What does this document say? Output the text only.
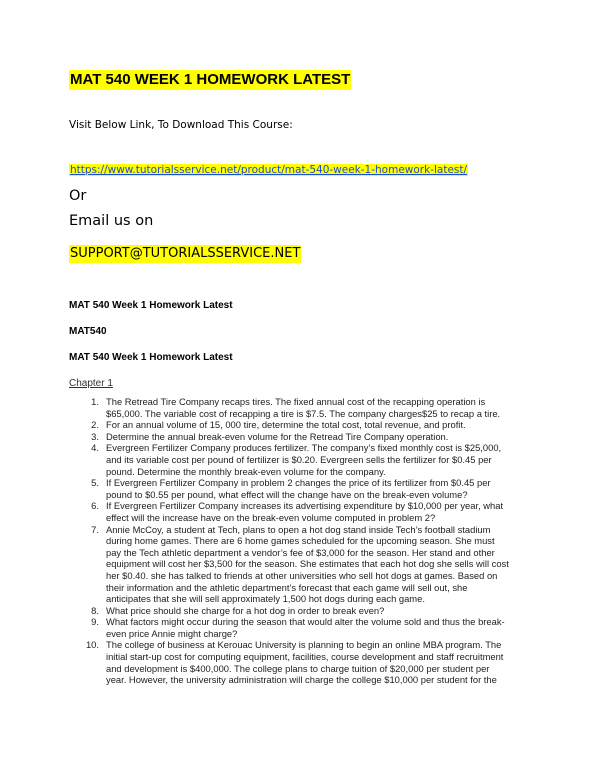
MAT 540 WEEK 1 HOMEWORK LATEST
Visit Below Link, To Download This Course:
https://www.tutorialsservice.net/product/mat-540-week-1-homework-latest/
Or
Email us on
SUPPORT@TUTORIALSSERVICE.NET
MAT 540 Week 1 Homework Latest
MAT540
MAT 540 Week 1 Homework Latest
Chapter 1
1. The Retread Tire Company recaps tires. The fixed annual cost of the recapping operation is
$65,000. The variable cost of recapping a tire is $7.5. The company charges$25 to recap a tire.
2. For an annual volume of 15, 000 tire, determine the total cost, total revenue, and profit.
3. Determine the annual break-even volume for the Retread Tire Company operation.
4. Evergreen Fertilizer Company produces fertilizer. The company’s fixed monthly cost is $25,000,
and its variable cost per pound of fertilizer is $0.20. Evergreen sells the fertilizer for $0.45 per
pound. Determine the monthly break-even volume for the company.
5. If Evergreen Fertilizer Company in problem 2 changes the price of its fertilizer from $0.45 per
pound to $0.55 per pound, what effect will the change have on the break-even volume?
6. If Evergreen Fertilizer Company increases its advertising expenditure by $10,000 per year, what
effect will the increase have on the break-even volume computed in problem 2?
7. Annie McCoy, a student at Tech, plans to open a hot dog stand inside Tech’s football stadium
during home games. There are 6 home games scheduled for the upcoming season. She must
pay the Tech athletic department a vendor’s fee of $3,000 for the season. Her stand and other
equipment will cost her $3,500 for the season. She estimates that each hot dog she sells will cost
her $0.40. she has talked to friends at other universities who sell hot dogs at games. Based on
their information and the athletic department’s forecast that each game will sell out, she
anticipates that she will sell approximately 1,500 hot dogs during each game.
8. What price should she charge for a hot dog in order to break even?
9. What factors might occur during the season that would alter the volume sold and thus the break-
even price Annie might charge?
10. The college of business at Kerouac University is planning to begin an online MBA program. The
initial start-up cost for computing equipment, facilities, course development and staff recruitment
and development is $400,000. The college plans to charge tuition of $20,000 per student per
year. However, the university administration will charge the college $10,000 per student for the
